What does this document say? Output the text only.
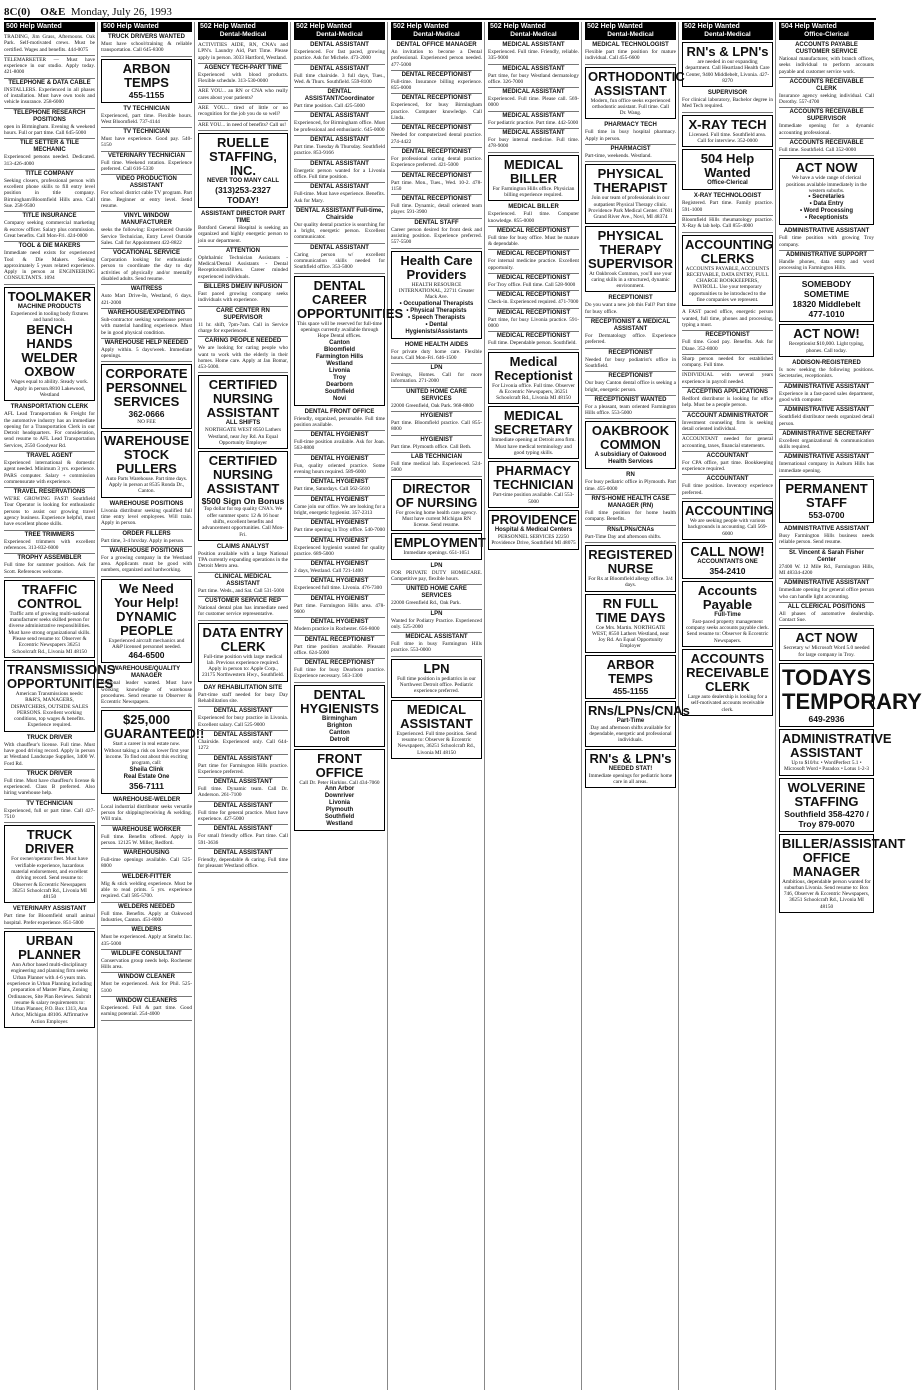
8C(0) O&E Monday, July 26, 1993
500 Help Wanted
TRADING, Jim Grass, Afternoons. Oak Park. Self-motivated crews. Must be certified. Wages and benefits. 444-0075
TELEMARKETER — Must have experience in our studio. Apply today. 421-8000
TELEPHONE & DATA CABLE
INSTALLERS. Experienced in all phases of installation. Must have own tools and vehicle insurance. 258-6000
TELEPHONE RESEARCH POSITIONS
open in Birmingham. Evening & weekend hours. Full or part time. Call 645-5000
TILE SETTER & TILE MECHANIC
Experienced persons needed. Dedicated. 313-426-4000
TITLE COMPANY
Seeking closers, professional person with excellent phone skills to fill entry level position in title company. Birmingham/Bloomfield Hills area. Call Sue. 258-9500
TITLE INSURANCE
Company seeking commercial marketing & escrow officer. Salary plus commission. Great benefits. Call Mon-Fri. 424-0000
TOOL & DIE MAKERS
Immediate need exists for experienced Tool & Die Makers. Seeking approximately 5 years related experience. Apply in person at ENGINEERING CONSULTANTS. 1094
TOOLMAKER
MACHINE PRODUCTS
Experienced in tooling body fixtures and hand tools.
BENCH HANDS WELDER
OXBOW
Wages equal to ability. Steady work. Apply in person.8810 Lakewood, Westland
TRANSPORTATION CLERK
AFL Lead Transportation & Freight for the automotive industry has an immediate opening for a Transportation Clerk in our Detroit headquarters. For consideration, send resume to AFL Lead Transportation Services, 2550 Goodyear Rd.
TRAVEL AGENT
Experienced international & domestic agent needed. Minimum 3 yrs. experience. PARS computer. Salary + commission commensurate with experience.
TRAVEL RESERVATIONS
WE'RE GROWING FAST! Southfield Tour Operator is looking for enthusiastic persons to assist our growing travel agency business. Experience helpful, must have excellent phone skills.
TREE TRIMMERS
Experienced trimmers with excellent references. 313-832-6000
TROPHY ASSEMBLER
Full time for summer position. Ask for Scott. References welcome.
TRAFFIC CONTROL
Traffic arm of growing multi-national manufacturer seeks skilled person for diverse administrative responsibilities. Must have strong organizational skills. Please send resume to: Observer & Eccentric Newspapers 36251 Schoolcraft Rd., Livonia MI 48150
TRANSMISSIONS OPPORTUNITIES
American Transmissions needs: R&R'S, MANAGERS, DISPATCHERS, OUTSIDE SALES PERSONS. Excellent working conditions, top wages & benefits. Experience required.
TRUCK DRIVER
With chauffeur's license. Full time. Must have good driving record. Apply in person at Westland Landscape Supplies, 3400 W. Ford Rd.
TRUCK DRIVER
Full time. Must have chauffeur's license & experienced. Class B preferred. Also hiring warehouse help.
TV TECHNICIAN
Experienced, full or part time. Call 427-7510
TRUCK DRIVER
For owner/operator fleet. Must have verifiable experience, hazardous material endorsement, and excellent driving record. Send resume to: Observer & Eccentric Newspapers 36251 Schoolcraft Rd., Livonia MI 48150
VETERINARY ASSISTANT
Part time for Bloomfield small animal hospital. Prefer experience. 851-5000
URBAN PLANNER
Ann Arbor based multi-disciplinary engineering and planning firm seeks Urban Planner with 4-6 years min. experience in Urban Planning including preparation of Master Plans, Zoning Ordinances, Site Plan Reviews. Submit resume & salary requirements to: Urban Planner, P.O. Box 1313, Ann Arbor, Michigan 48106. Affirmative Action Employer.
500 Help Wanted
TRUCK DRIVERS WANTED
Must have school/training & reliable transportation. Call 645-8300
ARBON TEMPS
455-1155
TV TECHNICIAN
Experienced, part time. Flexible hours. West Bloomfield. 737-4144
TV TECHNICIAN
Must have experience. Good pay. 540-5150
VETERINARY TECHNICIAN
Full time. Weekend rotation. Experience preferred. Call 616-5330
VIDEO PRODUCTION ASSISTANT
For school district cable TV program. Part time. Beginner or entry level. Send resume.
VINYL WINDOW MANUFACTURER
seeks the following: Experienced Outside Service Technician, Entry Level Outside Sales. Call for Appointment 422-8822
VOCATIONAL SERVICE
Corporation looking for enthusiastic person to coordinate the day to day activities of physically and/or mentally disabled adults. Send resume.
WAITRESS
Auto Mart Drive-In, Westland, 6 days. 421-2000
WAREHOUSE/EXPEDITING
Sub-contractor seeking warehouse person with material handling experience. Must be in good physical condition.
WAREHOUSE HELP NEEDED
Apply within. 5 days/week. Immediate openings.
CORPORATE PERSONNEL SERVICES
362-0666
NO FEE
WAREHOUSE STOCK PULLERS
Auto Parts Warehouse. Part time days. Apply in person at 8535 Ronda Dr., Canton.
WAREHOUSE POSITIONS
Livonia distributor seeking qualified full time entry level employees. Will train. Apply in person.
ORDER FILLERS
Part time, 3-4 hrs/day. Apply in person.
WAREHOUSE POSITIONS
For a growing company in the Westland area. Applicants must be good with numbers, organized and hardworking.
We Need Your Help!
DYNAMIC PEOPLE
Experienced aircraft mechanics and A&P licensed personnel needed.
464-6500
WAREHOUSE/QUALITY MANAGER
Regional leader wanted. Must have working knowledge of warehouse procedures. Send resume to Observer & Eccentric Newspapers.
$25,000 GUARANTEED!!
Start a career in real estate now. Without taking a risk on lower first year income. To find out about this exciting program, call:
Sheila Clink
Real Estate One
356-7111
WAREHOUSE-WELDER
Local industrial distributor seeks versatile person for shipping/receiving & welding. Will train.
WAREHOUSE WORKER
Full time. Benefits offered. Apply in person. 12125 W. Miller, Redford.
WAREHOUSING
Full-time openings available. Call 525-8000
WELDER-FITTER
Mig & stick welding experience. Must be able to read prints. 5 yrs. experience required. Call 585-5700.
WELDERS NEEDED
Full time. Benefits. Apply at Oakwood Industries, Canton. 451-8000
WELDERS
Must be experienced. Apply at Smeltz Inc. 435-5000
WILDLIFE CONSULTANT
Conservation group needs help. Rochester Hills area.
WINDOW CLEANER
Must be experienced. Ask for Phil. 525-5100
WINDOW CLEANERS
Experienced. Full & part time. Good earning potential. 254-4000
502 Help Wanted
Dental-Medical
ACTIVITIES AIDE, RN, CNA's and LPN's. Laundry Aid, Part Time. Please apply in person. 3033 Hartford, Westland.
AGENCY TECH-PART TIME
Experienced with blood products. Flexible schedule. 313-530-0000
ARE YOU... an RN or CNA who really cares about your patients?
ARE YOU... tired of little or no recognition for the job you do so well?
ARE YOU... in need of benefits? Call us!
RUELLE STAFFING, INC.
NEVER TOO MANY CALL
(313)253-2327 TODAY!
ASSISTANT DIRECTOR PART TIME
Botsford General Hospital is seeking an organized and highly energetic person to join our department.
ATTENTION
Ophthalmic Technician Assistants - Medical/Dental Assistants - Dental Receptionists/Billers. Career minded experienced individuals.
BILLERS DME/IV INFUSION
Fast paced growing company seeks individuals with experience.
CARE CENTER RN SUPERVISOR
11 hr. shift, 7pm-7am. Call in Service charge for experienced.
CARING PEOPLE NEEDED
We are looking for caring people who want to work with the elderly in their homes. Home care. Apply at Jan Bomar, 453-5000.
CERTIFIED NURSING ASSISTANT
ALL SHIFTS
NORTHGATE WEST 8550 Lathers Westland, near Joy Rd. An Equal Opportunity Employer
CERTIFIED NURSING ASSISTANT
$500 Sign On Bonus
Top dollar for top quality CNA's. We offer summer spots: 12 & 16 hour shifts, excellent benefits and advancement opportunities. Call Mon-Fri.
CLAIMS ANALYST
Position available with a large National TPA currently expanding operations in the Detroit Metro area.
CLINICAL MEDICAL ASSISTANT
Part time. Weds., and Sat. Call 531-5000
CUSTOMER SERVICE REP
National dental plan has immediate need for customer service representative.
DATA ENTRY CLERK
Full-time position with large medical lab. Previous experience required. Apply in person to: Apple Corp., 23175 Northwestern Hwy., Southfield.
DAY REHABILITATION SITE
Part-time staff needed for busy Day Rehabilitation site.
DENTAL ASSISTANT
Experienced for busy practice in Livonia. Excellent salary. Call 525-9000
DENTAL ASSISTANT
Chairside. Experienced only. Call 644-1272
DENTAL ASSISTANT
Part time for Farmington Hills practice. Experience preferred.
DENTAL ASSISTANT
Full time. Dynamic team. Call Dr. Anderson. 261-7100
DENTAL ASSISTANT
Full time for general practice. Must have experience. 427-5000
DENTAL ASSISTANT
For small friendly office. Part time. Call 591-3636
DENTAL ASSISTANT
Friendly, dependable & caring. Full time for pleasant Westland office.
502 Help Wanted
Dental-Medical
DENTAL ASSISTANT
Experienced. For fast paced, growing practice. Ask for Michele. 473-2000
DENTAL ASSISTANT
Full time chairside. 3 full days, Tues., Wed. & Thurs. Southfield. 559-8100
DENTAL ASSISTANT/Coordinator
Part time position. Call 425-5000
DENTAL ASSISTANT
Experienced, for Birmingham office. Must be professional and enthusiastic. 645-0000
DENTAL ASSISTANT
Part time. Tuesday & Thursday. Southfield practice. 853-9166
DENTAL ASSISTANT
Energetic person wanted for a Livonia office. Full time position.
DENTAL ASSISTANT
Full-time. Must have experience. Benefits. Ask for Mary.
DENTAL ASSISTANT Full-time, Chairside
Our quality dental practice is searching for a bright, energetic person. Excellent communicator.
DENTAL ASSISTANT
Caring person w/ excellent communication skills needed for Southfield office. 353-5000
DENTAL CAREER OPPORTUNITIES
This space will be reserved for full-time openings currently available through Hope Dental offices.
Canton
Bloomfield
Farmington Hills
Westland
Livonia
Troy
Dearborn
Southfield
Novi
DENTAL FRONT OFFICE
Friendly, organized, personable. Full time position available.
DENTAL HYGIENIST
Full-time position available. Ask for Joan. 563-8800
DENTAL HYGIENIST
Fun, quality oriented practice. Some evening hours required. 589-6000
DENTAL HYGIENIST
Part time, Saturdays. Call 562-5610
DENTAL HYGIENIST
Come join our office. We are looking for a bright, energetic hygienist. 357-2313
DENTAL HYGIENIST
Part time opening in Troy office. 540-7000
DENTAL HYGIENIST
Experienced hygienist wanted for quality practice. 689-5000
DENTAL HYGIENIST
2 days, Westland. Call 721-1400
DENTAL HYGIENIST
Experienced full time. Livonia. 476-7300
DENTAL HYGIENIST
Part time. Farmington Hills area. 478-9600
DENTAL HYGIENIST
Modern practice in Rochester. 656-8000
DENTAL RECEPTIONIST
Part time position available. Pleasant office. 624-5000
DENTAL RECEPTIONIST
Full time for busy Dearborn practice. Experience necessary. 563-1300
DENTAL HYGIENISTS
Birmingham
Brighton
Canton
Detroit
FRONT OFFICE
Call Dr. Peter Harkins. Call 434-7060
Ann Arbor
Downriver
Livonia
Plymouth
Southfield
Westland
502 Help Wanted
Dental-Medical
DENTAL OFFICE MANAGER
An invitation to become a Dental professional. Experienced person needed. 477-5000
DENTAL RECEPTIONIST
Full-time. Insurance billing experience. 855-0000
DENTAL RECEPTIONIST
Experienced, for busy Birmingham practice. Computer knowledge. Call Linda.
DENTAL RECEPTIONIST
Needed for computerized dental practice. 274-4422
DENTAL RECEPTIONIST
For professional caring dental practice. Experience preferred. 421-5000
DENTAL RECEPTIONIST
Part time. Mon., Tues., Wed. 10-2. 478-1150
DENTAL RECEPTIONIST
Full time. Dynamic, detail oriented team player. 591-3900
DENTAL STAFF
Career person desired for front desk and assisting position. Experience preferred. 557-5500
Health Care Providers
HEALTH RESOURCE INTERNATIONAL, 22711 Greater Mack Ave.
• Occupational Therapists
• Physical Therapists
• Speech Therapists
• Dental Hygienists/Assistants
HOME HEALTH AIDES
For private duty home care. Flexible hours. Call Mon-Fri. 646-1500
LPN
Evenings, Homes. Call for more information. 271-2000
UNITED HOME CARE SERVICES
22000 Greenfield, Oak Park. 968-8800
HYGIENIST
Part time. Bloomfield practice. Call 855-8000
HYGIENIST
Part time. Plymouth office. Call Beth.
LAB TECHNICIAN
Full time medical lab. Experienced. 524-5000
DIRECTOR OF NURSING
For growing home health care agency. Must have current Michigan RN license. Send resume.
EMPLOYMENT
Immediate openings. 651-1051
LPN
FOR PRIVATE DUTY HOMECARE. Competitive pay, flexible hours.
UNITED HOME CARE SERVICES
22000 Greenfield Rd., Oak Park.
LPN
Wanted for Podiatry Practice. Experienced only. 525-2000
MEDICAL ASSISTANT
Full time in busy Farmington Hills practice. 553-0000
LPN
Full time position in pediatrics in our Northwest Detroit office. Pediatric experience preferred.
MEDICAL ASSISTANT
Experienced. Full time position. Send resume to: Observer & Eccentric Newspapers, 36251 Schoolcraft Rd., Livonia MI 48150
502 Help Wanted
Dental-Medical
MEDICAL ASSISTANT
Experienced. Full time. Friendly, reliable. 335-9000
MEDICAL ASSISTANT
Part time, for busy Westland dermatology office. 326-7000
MEDICAL ASSISTANT
Experienced. Full time. Please call. 569-0000
MEDICAL ASSISTANT
For pediatric practice. Part time. 442-5000
MEDICAL ASSISTANT
For busy internal medicine. Full time. 478-9000
MEDICAL BILLER
For Farmington Hills office. Physician billing experience required.
MEDICAL BILLER
Experienced. Full time. Computer knowledge. 855-0000
MEDICAL RECEPTIONIST
Full time for busy office. Must be mature & dependable.
MEDICAL RECEPTIONIST
For internal medicine practice. Excellent opportunity.
MEDICAL RECEPTIONIST
For Troy office. Full time. Call 528-9000
MEDICAL RECEPTIONIST
Check-in. Experienced required. 471-7000
MEDICAL RECEPTIONIST
Part time, for busy Livonia practice. 591-0000
MEDICAL RECEPTIONIST
Full time. Dependable person. Southfield.
Medical Receptionist
For Livonia office. Full time. Observer & Eccentric Newspapers, 36251 Schoolcraft Rd., Livonia MI 48150
MEDICAL SECRETARY
Immediate opening at Detroit area firm. Must have medical terminology and good typing skills.
PHARMACY TECHNICIAN
Part-time position available. Call 553-5000
PROVIDENCE
Hospital & Medical Centers
PERSONNEL SERVICES 22250 Providence Drive, Southfield MI 48075
502 Help Wanted
Dental-Medical
MEDICAL TECHNOLOGIST
Flexible part time position for mature individual. Call 455-6600
ORTHODONTIC ASSISTANT
Modern, fun office seeks experienced orthodontic assistant. Full time. Call Dr. Wang.
PHARMACY TECH
Full time in busy hospital pharmacy. Apply in person.
PHARMACIST
Part-time, weekends. Westland.
PHYSICAL THERAPIST
Join our team of professionals in our outpatient Physical Therapy clinic. Providence Park Medical Center. 47601 Grand River Ave., Novi, MI 48374
PHYSICAL THERAPY SUPERVISOR
At Oakbrook Common, you'll use your caring skills in a structured, dynamic environment.
RECEPTIONIST
Do you want a new job this Fall? Part time for busy office.
RECEPTIONIST & MEDICAL ASSISTANT
For Dermatology office. Experience preferred.
RECEPTIONIST
Needed for busy podiatrist's office in Southfield.
RECEPTIONIST
Our busy Canton dental office is seeking a bright, energetic person.
RECEPTIONIST WANTED
For a pleasant, team oriented Farmington Hills office. 553-5000
OAKBROOK COMMON
A subsidiary of Oakwood Health Services
RN
For busy pediatric office in Plymouth. Part time. 455-0000
RN'S-HOME HEALTH CASE MANAGER (RN)
Full time position for home health company. Benefits.
RNs/LPNs/CNAs
Part-Time Day and afternoon shifts.
REGISTERED NURSE
For Rx at Bloomfield allergy office. 3/4 days.
RN FULL TIME DAYS
Coe Mrs. Martin. NORTHGATE WEST, 8550 Lathers Westland, near Joy Rd. An Equal Opportunity Employer
ARBOR TEMPS
455-1155
RNs/LPNs/CNAs
Part-Time
Day and afternoon shifts available for dependable, energetic and professional individuals.
RN's & LPN's
NEEDED STAT!
Immediate openings for pediatric home care in all areas.
502 Help Wanted
Dental-Medical
RN's & LPN's
are needed in our expanding department. Call Heartland Health Care Center, 9400 Middlebelt, Livonia. 427-8270
SUPERVISOR
For clinical laboratory, Bachelor degree in Med Tech required.
X-RAY TECH
Licensed. Full time. Southfield area. Call for interview. 352-0000
504 Help Wanted
Office-Clerical
X-RAY TECHNOLOGIST
Registered. Part time. Family practice. 591-1000
Bloomfield Hills rheumatology practice. X-Ray & lab help. Call 855-4000
ACCOUNTING CLERKS
ACCOUNTS PAYABLE, ACCOUNTS RECEIVABLE, DATA ENTRY, FULL CHARGE BOOKKEEPERS, PAYROLL. Use your temporary opportunities to be introduced to the fine companies we represent.
A FAST paced office, energetic person wanted, full time, phones and processing, typing a must.
RECEPTIONIST
Full time. Good pay. Benefits. Ask for Diane. 352-8000
Sharp person needed for established company. Full time.
INDIVIDUAL with several years experience in payroll needed.
ACCEPTING APPLICATIONS
Redford distributor is looking for office help. Must be a people person.
ACCOUNT ADMINISTRATOR
Investment counseling firm is seeking detail oriented individual.
ACCOUNTANT needed for general accounting, taxes, financial statements.
ACCOUNTANT
For CPA office, part time. Bookkeeping experience required.
ACCOUNTANT
Full time position. Inventory experience preferred.
ACCOUNTING
We are seeking people with various backgrounds in accounting. Call 569-6000
CALL NOW!
ACCOUNTANTS ONE
354-2410
Accounts Payable
Full-Time
Fast-paced property management company seeks accounts payable clerk. Send resume to: Observer & Eccentric Newspapers.
ACCOUNTS RECEIVABLE CLERK
Large auto dealership is looking for a self-motivated accounts receivable clerk.
504 Help Wanted
Office-Clerical
ACCOUNTS PAYABLE CUSTOMER SERVICE
National manufacturer, with branch offices, seeks individual to perform accounts payable and customer service work.
ACCOUNTS RECEIVABLE CLERK
Insurance agency seeking individual. Call Dorothy. 557-4700
ACCOUNTS RECEIVABLE SUPERVISOR
Immediate opening for a dynamic accounting professional.
ACCOUNTS RECEIVABLE
Full time. Southfield. Call 352-0000
ACT NOW
We have a wide range of clerical positions available immediately in the western suburbs.
• Secretaries
• Data Entry
• Word Processing
• Receptionists
ADMINISTRATIVE ASSISTANT
Full time position with growing Troy company.
ADMINISTRATIVE SUPPORT
Handle phones, data entry and word processing in Farmington Hills.
SOMEBODY SOMETIME
18320 Middlebelt
477-1010
ACT NOW!
Receptionist $10,000. Light typing, phones. Call today.
ADDISON-REGISTERED
Is now seeking the following positions. Secretaries, receptionists.
ADMINISTRATIVE ASSISTANT
Experience in a fast-paced sales department, good with computer.
ADMINISTRATIVE ASSISTANT
Southfield distributor needs organized detail person.
ADMINISTRATIVE SECRETARY
Excellent organizational & communication skills required.
ADMINISTRATIVE ASSISTANT
International company in Auburn Hills has immediate opening.
PERMANENT STAFF
553-0700
ADMINISTRATIVE ASSISTANT
Busy Farmington Hills business needs reliable person. Send resume.
St. Vincent & Sarah Fisher Center
27400 W. 12 Mile Rd., Farmington Hills, MI 48334-4200
ADMINISTRATIVE ASSISTANT
Immediate opening for general office person who can handle light accounting.
ALL CLERICAL POSITIONS
All phases of automotive dealership. Contact Sue.
ACT NOW
Secretary w/ Microsoft Word 5.0 needed for large company in Troy.
TODAYS TEMPORARY
649-2936
ADMINISTRATIVE ASSISTANT
Up to $10/hr. • WordPerfect 5.1 • Microsoft Word • Paradox • Lotus 1-2-3
WOLVERINE STAFFING
Southfield 358-4270 / Troy 879-0070
BILLER/ASSISTANT OFFICE MANAGER
Ambitious, dependable person wanted for suburban Livonia. Send resume to: Box 746, Observer & Eccentric Newspapers, 36251 Schoolcraft Rd., Livonia MI 48150
